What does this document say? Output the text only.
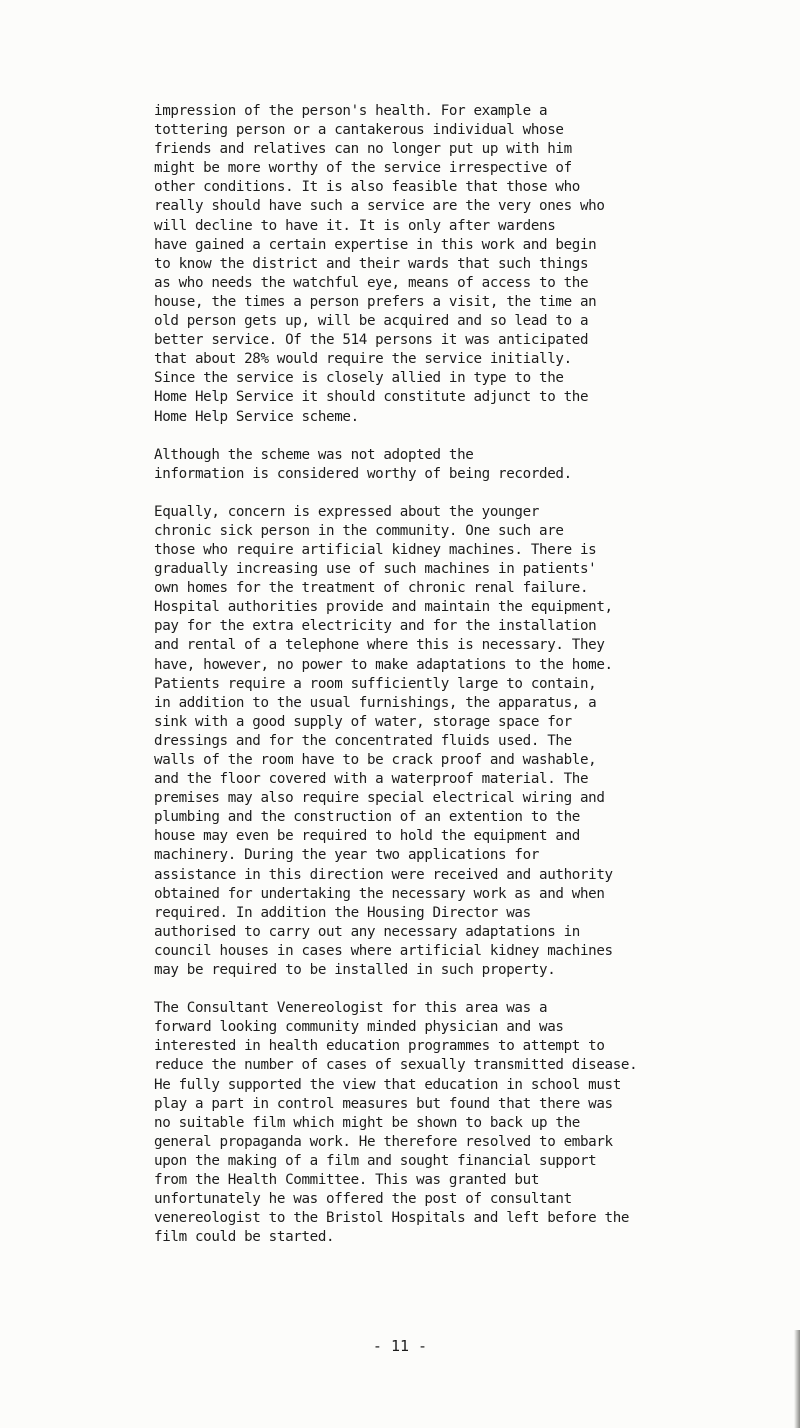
impression of the person's health. For example a
tottering person or a cantakerous individual whose
friends and relatives can no longer put up with him
might be more worthy of the service irrespective of
other conditions. It is also feasible that those who
really should have such a service are the very ones who
will decline to have it. It is only after wardens
have gained a certain expertise in this work and begin
to know the district and their wards that such things
as who needs the watchful eye, means of access to the
house, the times a person prefers a visit, the time an
old person gets up, will be acquired and so lead to a
better service. Of the 514 persons it was anticipated
that about 28% would require the service initially.
Since the service is closely allied in type to the
Home Help Service it should constitute adjunct to the
Home Help Service scheme.
Although the scheme was not adopted the
information is considered worthy of being recorded.
Equally, concern is expressed about the younger
chronic sick person in the community. One such are
those who require artificial kidney machines. There is
gradually increasing use of such machines in patients'
own homes for the treatment of chronic renal failure.
Hospital authorities provide and maintain the equipment,
pay for the extra electricity and for the installation
and rental of a telephone where this is necessary. They
have, however, no power to make adaptations to the home.
Patients require a room sufficiently large to contain,
in addition to the usual furnishings, the apparatus, a
sink with a good supply of water, storage space for
dressings and for the concentrated fluids used. The
walls of the room have to be crack proof and washable,
and the floor covered with a waterproof material. The
premises may also require special electrical wiring and
plumbing and the construction of an extention to the
house may even be required to hold the equipment and
machinery. During the year two applications for
assistance in this direction were received and authority
obtained for undertaking the necessary work as and when
required. In addition the Housing Director was
authorised to carry out any necessary adaptations in
council houses in cases where artificial kidney machines
may be required to be installed in such property.
The Consultant Venereologist for this area was a
forward looking community minded physician and was
interested in health education programmes to attempt to
reduce the number of cases of sexually transmitted disease.
He fully supported the view that education in school must
play a part in control measures but found that there was
no suitable film which might be shown to back up the
general propaganda work. He therefore resolved to embark
upon the making of a film and sought financial support
from the Health Committee. This was granted but
unfortunately he was offered the post of consultant
venereologist to the Bristol Hospitals and left before the
film could be started.
- 11 -
